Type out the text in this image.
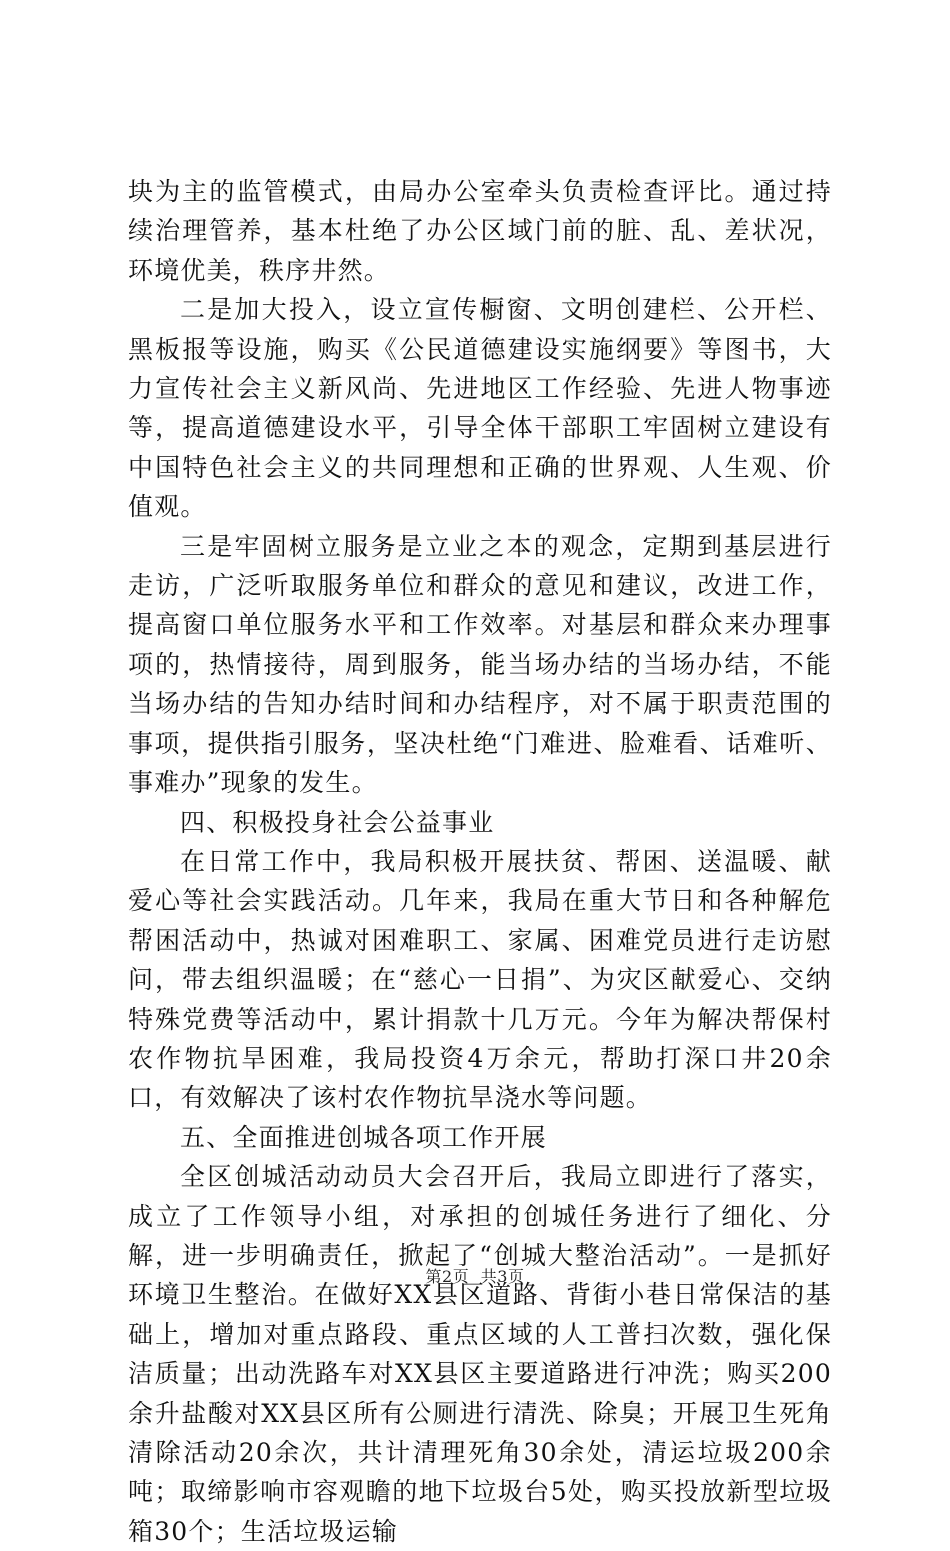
块为主的监管模式，由局办公室牵头负责检查评比。通过持续治理管养，基本杜绝了办公区域门前的脏、乱、差状况，环境优美，秩序井然。

二是加大投入，设立宣传橱窗、文明创建栏、公开栏、黑板报等设施，购买《公民道德建设实施纲要》等图书，大力宣传社会主义新风尚、先进地区工作经验、先进人物事迹等，提高道德建设水平，引导全体干部职工牢固树立建设有中国特色社会主义的共同理想和正确的世界观、人生观、价值观。

三是牢固树立服务是立业之本的观念，定期到基层进行走访，广泛听取服务单位和群众的意见和建议，改进工作，提高窗口单位服务水平和工作效率。对基层和群众来办理事项的，热情接待，周到服务，能当场办结的当场办结，不能当场办结的告知办结时间和办结程序，对不属于职责范围的事项，提供指引服务，坚决杜绝“门难进、脸难看、话难听、事难办”现象的发生。

四、积极投身社会公益事业

在日常工作中，我局积极开展扶贫、帮困、送温暖、献爱心等社会实践活动。几年来，我局在重大节日和各种解危帮困活动中，热诚对困难职工、家属、困难党员进行走访慰问，带去组织温暖；在“慈心一日捐”、为灾区献爱心、交纳特殊党费等活动中，累计捐款十几万元。今年为解决帮保村农作物抗旱困难，我局投资4万余元，帮助打深口井20余口，有效解决了该村农作物抗旱浇水等问题。

五、全面推进创城各项工作开展

全区创城活动动员大会召开后，我局立即进行了落实，成立了工作领导小组，对承担的创城任务进行了细化、分解，进一步明确责任，掀起了“创城大整治活动”。一是抓好环境卫生整治。在做好XX县区道路、背街小巷日常保洁的基础上，增加对重点路段、重点区域的人工普扫次数，强化保洁质量；出动洗路车对XX县区主要道路进行冲洗；购买200余升盐酸对XX县区所有公厕进行清洗、除臭；开展卫生死角清除活动20余次，共计清理死角30余处，清运垃圾200余吨；取缔影响市容观瞻的地下垃圾台5处，购买投放新型垃圾箱30个；生活垃圾运输

第2页 共3页
